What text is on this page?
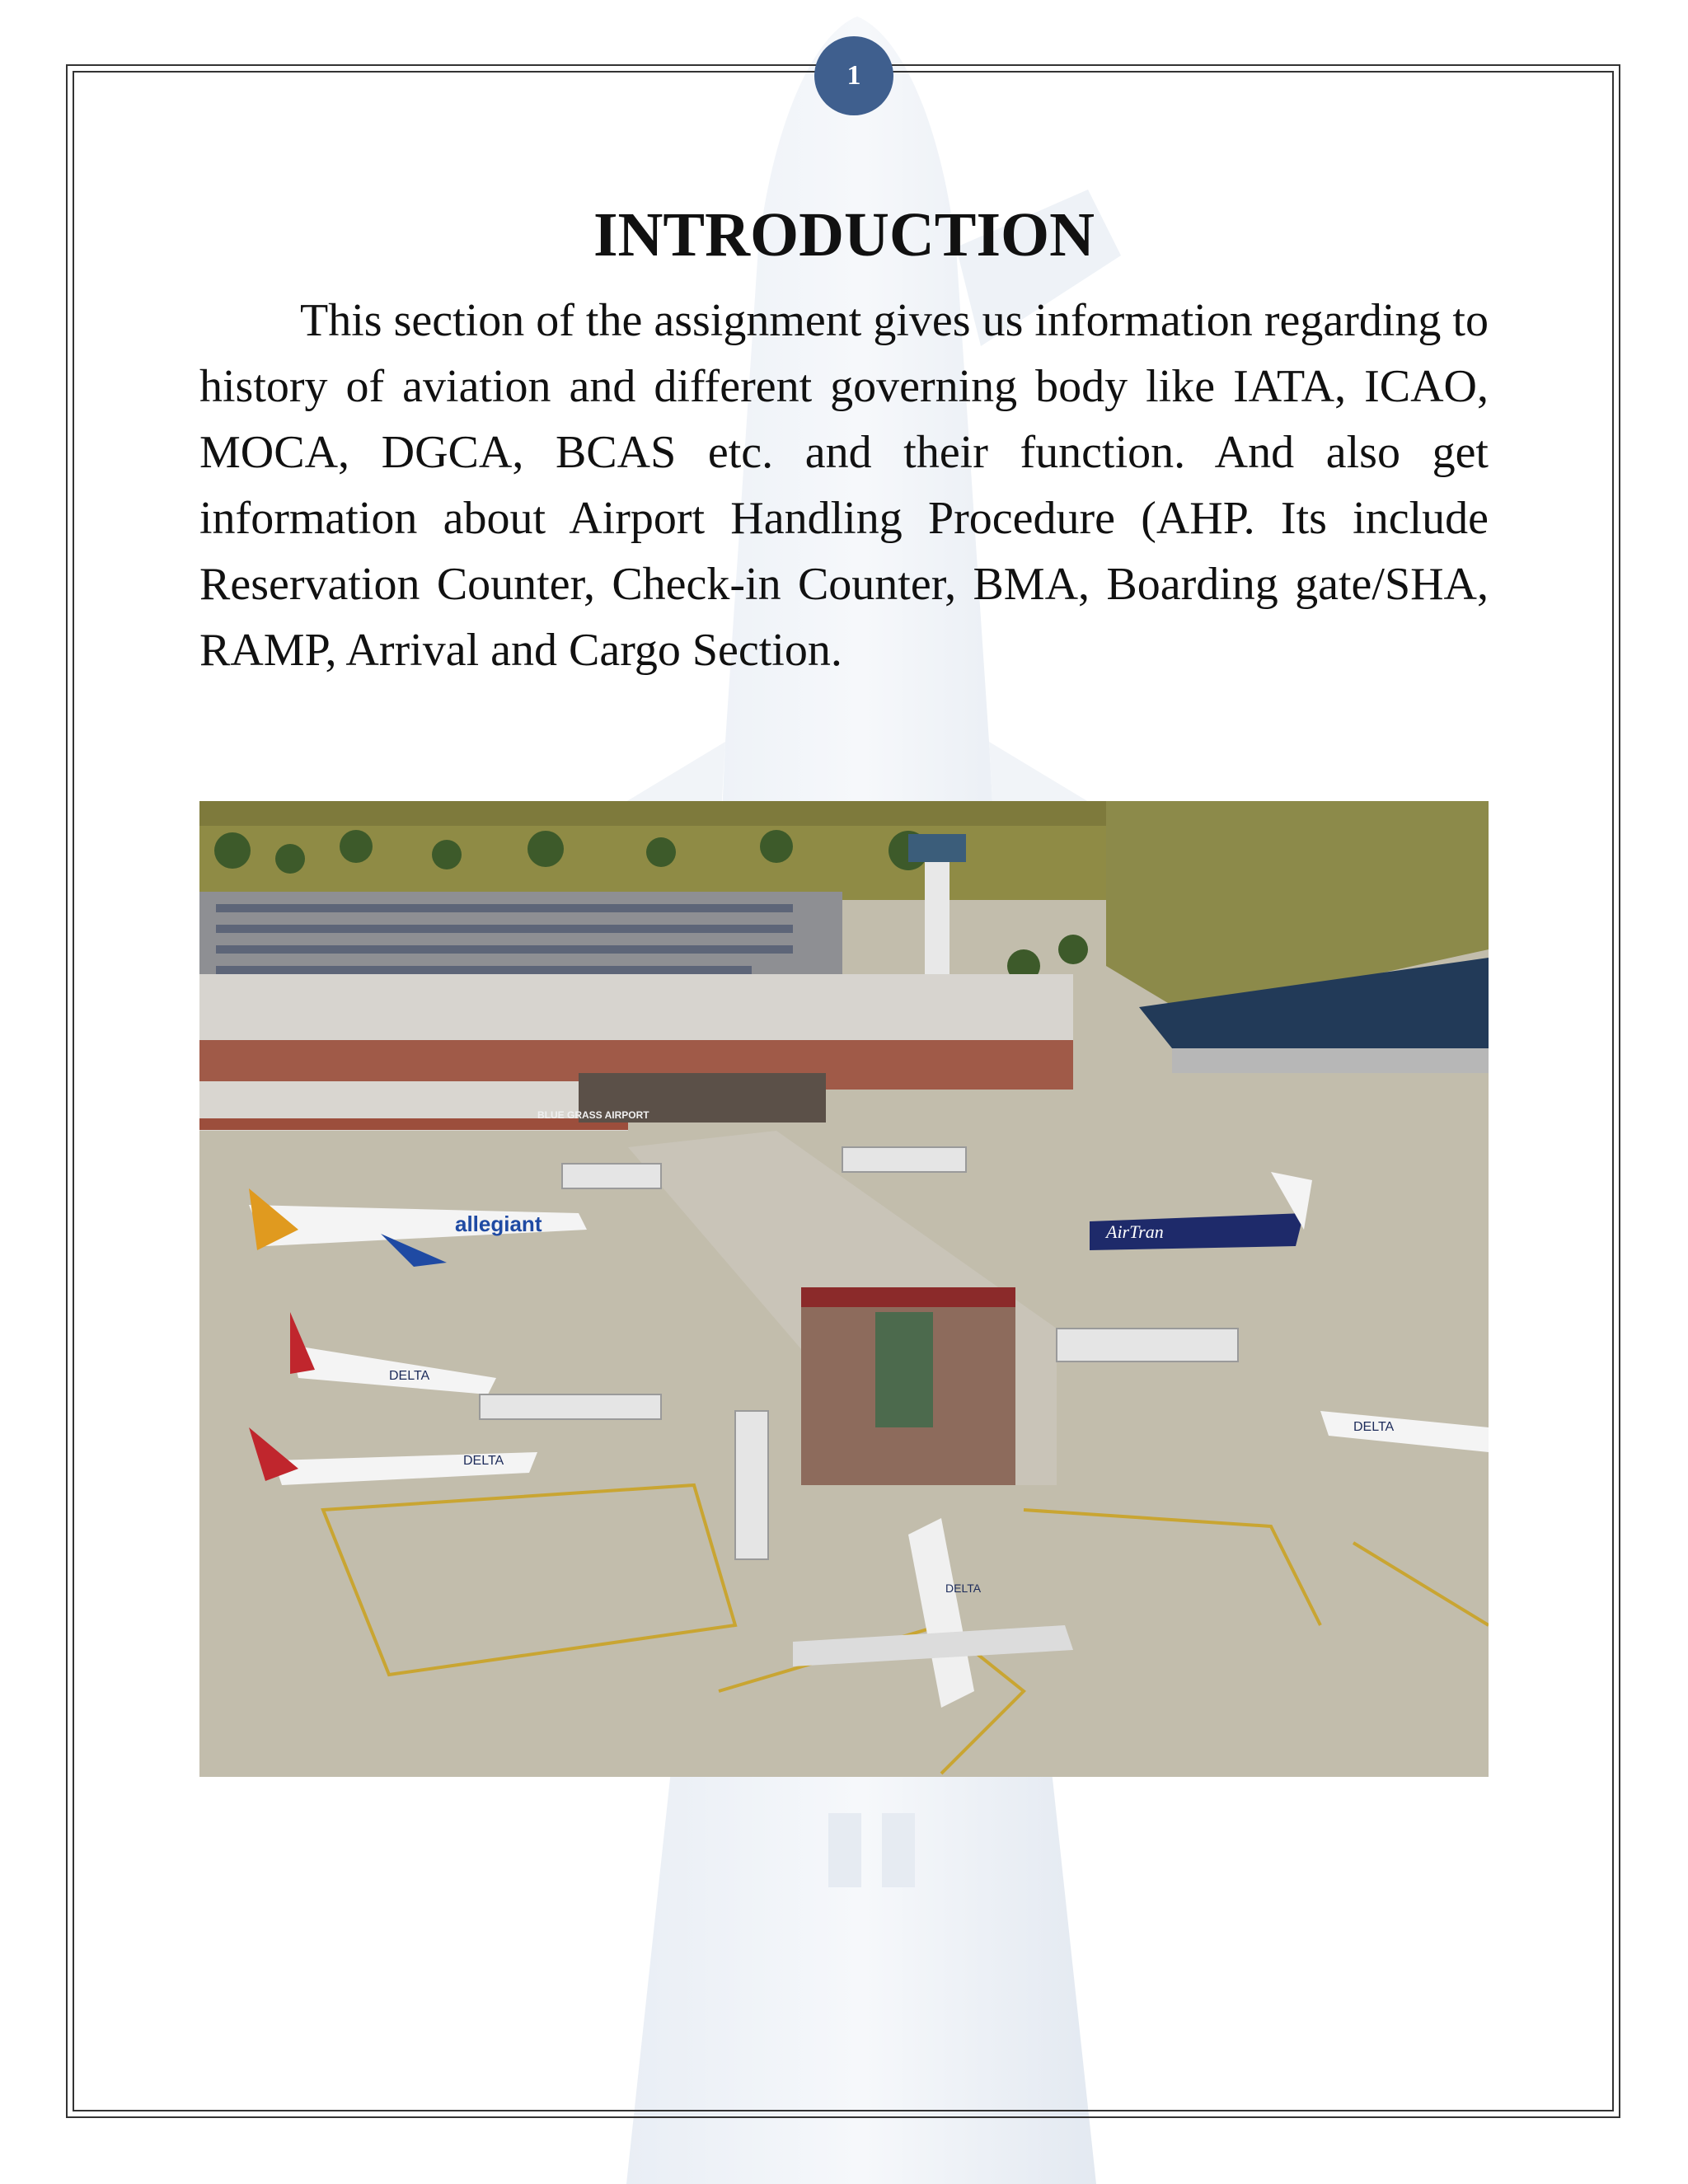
1
INTRODUCTION

This section of the assignment gives us information regarding to history of aviation and different governing body like IATA, ICAO, MOCA, DGCA, BCAS etc. and their function. And also get information about Airport Handling Procedure (AHP. Its include Reservation Counter, Check-in Counter, BMA, Boarding gate/SHA, RAMP, Arrival and Cargo Section.

allegiant	AirTran
DELTA
DELTA
DELTA
DELTA
BLUE GRASS AIRPORT
